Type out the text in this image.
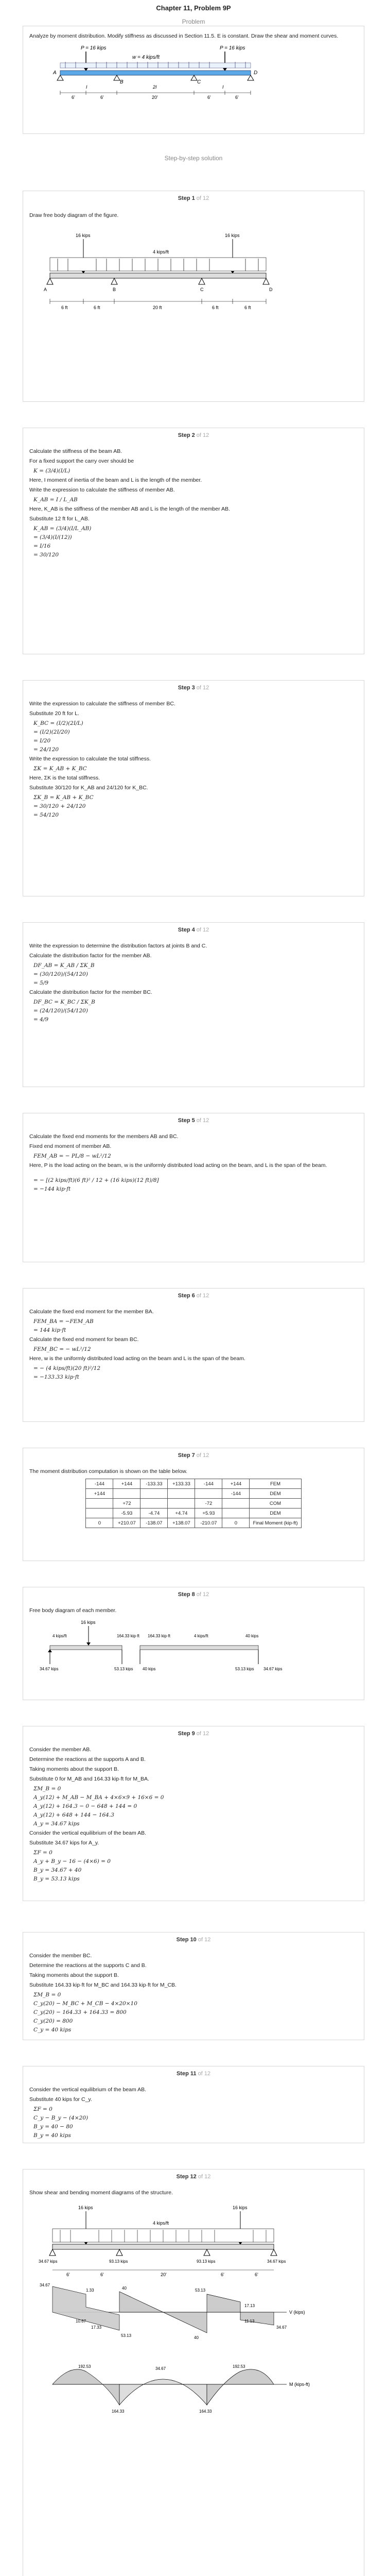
Chapter 11, Problem 9P
Problem
Analyze by moment distribution. Modify stiffness as discussed in Section 11.5. E is constant. Draw the shear and moment curves.
P = 16 kips	P = 16 kips
w = 4 kips/ft
A
B	C
D
I	2I	I
6'	6'	20'	6'	6'
Step-by-step solution
Step 1 of 12
Draw free body diagram of the figure.
16 kips
4 kips/ft
16 kips
A	B	C	D
6 ft	6 ft	20 ft	6 ft	6 ft
Step 2 of 12
Calculate the stiffness of the beam AB.
For a fixed support the carry over should be
K = (3/4)(I/L)
Here, I moment of inertia of the beam and L is the length of the member.
Write the expression to calculate the stiffness of member AB.
K_AB = I / L_AB
Here, K_AB is the stiffness of the member AB and L is the length of the member AB.
Substitute 12 ft for L_AB.
K_AB = (3/4)(I/L_AB)
= (3/4)(I/(12))
= I/16
= 30/120
Step 3 of 12
Write the expression to calculate the stiffness of member BC.
Substitute 20 ft for L.
K_BC = (I/2)(2I/L)
= (I/2)(2I/20)
= I/20
= 24/120
Write the expression to calculate the total stiffness.
ΣK = K_AB + K_BC
Here, ΣK is the total stiffness.
Substitute 30/120 for K_AB and 24/120 for K_BC.
ΣK_B = K_AB + K_BC
= 30/120 + 24/120
= 54/120
Step 4 of 12
Write the expression to determine the distribution factors at joints B and C.
Calculate the distribution factor for the member AB.
DF_AB = K_AB / ΣK_B
= (30/120)/(54/120)
= 5/9
Calculate the distribution factor for the member BC.
DF_BC = K_BC / ΣK_B
= (24/120)/(54/120)
= 4/9
Step 5 of 12
Calculate the fixed end moments for the members AB and BC.
Fixed end moment of member AB.
FEM_AB = − PL/8 − wL²/12
Here, P is the load acting on the beam, w is the uniformly distributed load acting on the beam, and L is the span of the beam.
= − [(2 kips/ft)(6 ft)² / 12 + (16 kips)(12 ft)/8]
= −144 kip·ft
Step 6 of 12
Calculate the fixed end moment for the member BA.
FEM_BA = −FEM_AB
= 144 kip·ft
Calculate the fixed end moment for beam BC.
FEM_BC = − wL²/12
Here, w is the uniformly distributed load acting on the beam and L is the span of the beam.
= − (4 kips/ft)(20 ft)²/12
= −133.33 kip·ft
Step 7 of 12
The moment distribution computation is shown on the table below.
-144	+144	-133.33	+133.33	-144	+144	FEM
+144					-144	DEM
	+72			-72		COM
	-5.93	-4.74	+4.74	+5.93		DEM
0	+210.07	-138.07	+138.07	-210.07	0	Final Moment (kip-ft)
Step 8 of 12
Free body diagram of each member.
16 kips
4 kips/ft	164.33 kip·ft 164.33 kip·ft	4 kips/ft	40 kips
34.67 kips	53.13 kips 40 kips	53.13 kips 34.67 kips
Step 9 of 12
Consider the member AB.
Determine the reactions at the supports A and B.
Taking moments about the support B.
Substitute 0 for M_AB and 164.33 kip·ft for M_BA.
ΣM_B = 0
A_y(12) + M_AB − M_BA + 4×6×9 + 16×6 = 0
A_y(12) + 164.3 − 0 − 648 + 144 = 0
A_y(12) + 648 + 144 − 164.3
A_y = 34.67 kips
Consider the vertical equilibrium of the beam AB.
Substitute 34.67 kips for A_y.
ΣF = 0
A_y + B_y − 16 − (4×6) = 0
B_y = 34.67 + 40
B_y = 53.13 kips
Step 10 of 12
Consider the member BC.
Determine the reactions at the supports C and B.
Taking moments about the support B.
Substitute 164.33 kip·ft for M_BC and 164.33 kip·ft for M_CB.
ΣM_B = 0
C_y(20) − M_BC + M_CB − 4×20×10
C_y(20) − 164.33 + 164.33 = 800
C_y(20) = 800
C_y = 40 kips
Step 11 of 12
Consider the vertical equilibrium of the beam AB.
Substitute 40 kips for C_y.
ΣF = 0
C_y − B_y − (4×20)
B_y = 40 − 80
B_y = 40 kips
Step 12 of 12
Show shear and bending moment diagrams of the structure.
16 kips	16 kips
4 kips/ft
34.67 kips	93.13 kips	93.13 kips	34.67 kips
6'	6'	20'	6'	6'
V (kips)
34.67
10.67
40
53.13
17.13
1.33
17.33
40
53.13
34.67
11.13
M (kips-ft)
192.53	34.67	192.53
164.33	164.33
